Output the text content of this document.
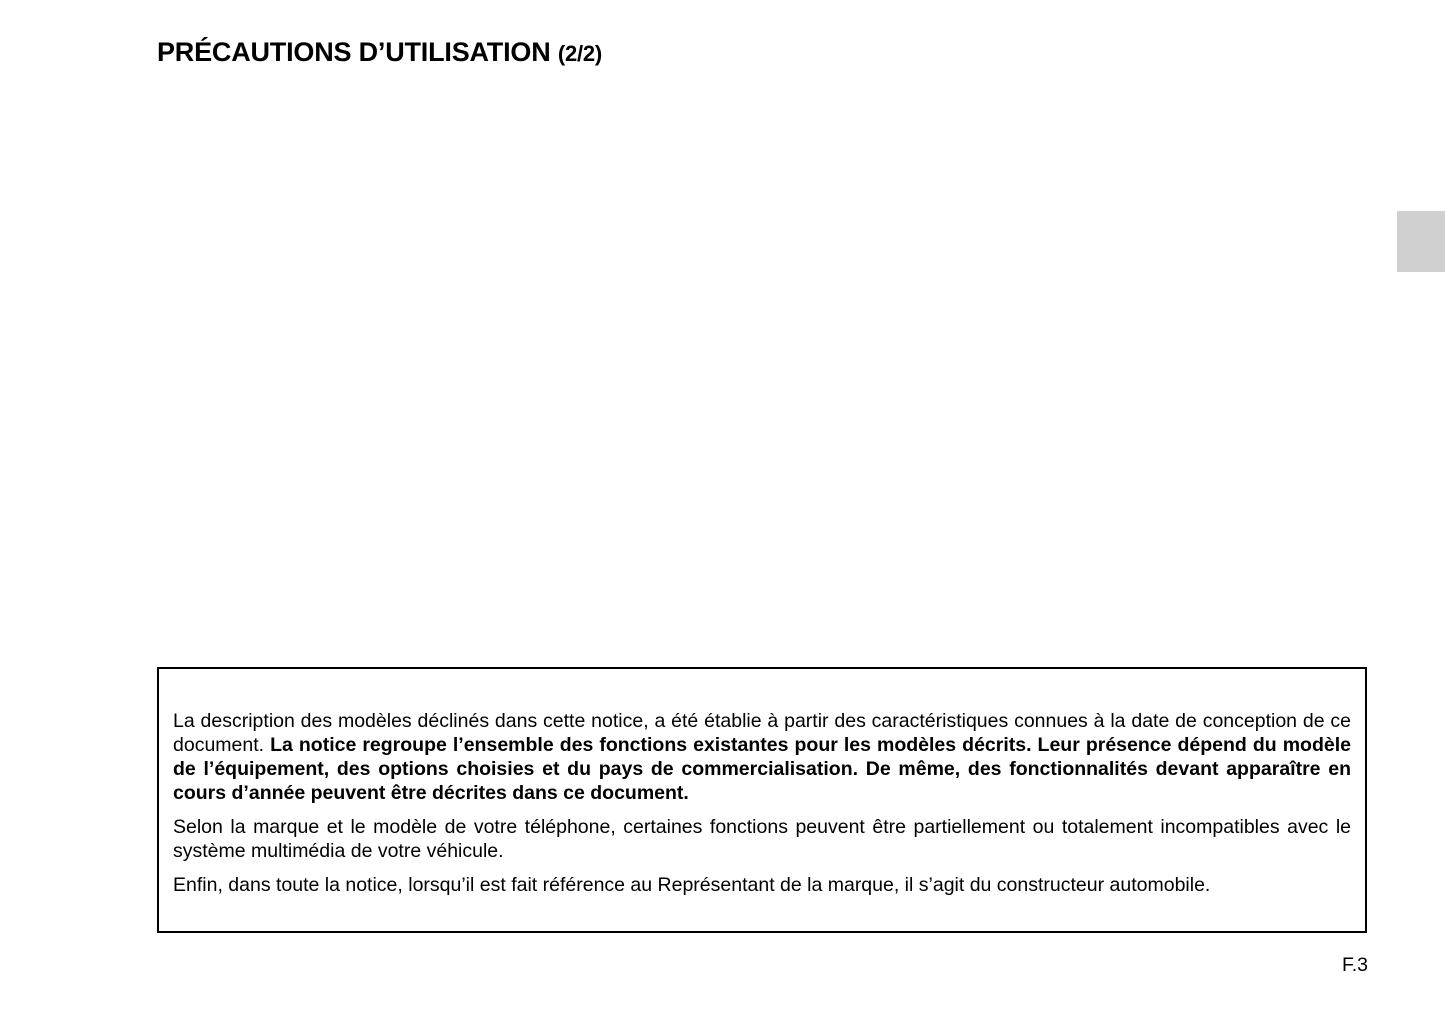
PRÉCAUTIONS D’UTILISATION (2/2)

La description des modèles déclinés dans cette notice, a été établie à partir des caractéristiques connues à la date de conception de ce document. La notice regroupe l’ensemble des fonctions existantes pour les modèles décrits. Leur présence dépend du modèle de l’équipement, des options choisies et du pays de commercialisation. De même, des fonctionnalités devant apparaître en cours d’année peuvent être décrites dans ce document.

Selon la marque et le modèle de votre téléphone, certaines fonctions peuvent être partiellement ou totalement incompatibles avec le système multimédia de votre véhicule.

Enfin, dans toute la notice, lorsqu’il est fait référence au Représentant de la marque, il s’agit du constructeur automobile.

F.3
